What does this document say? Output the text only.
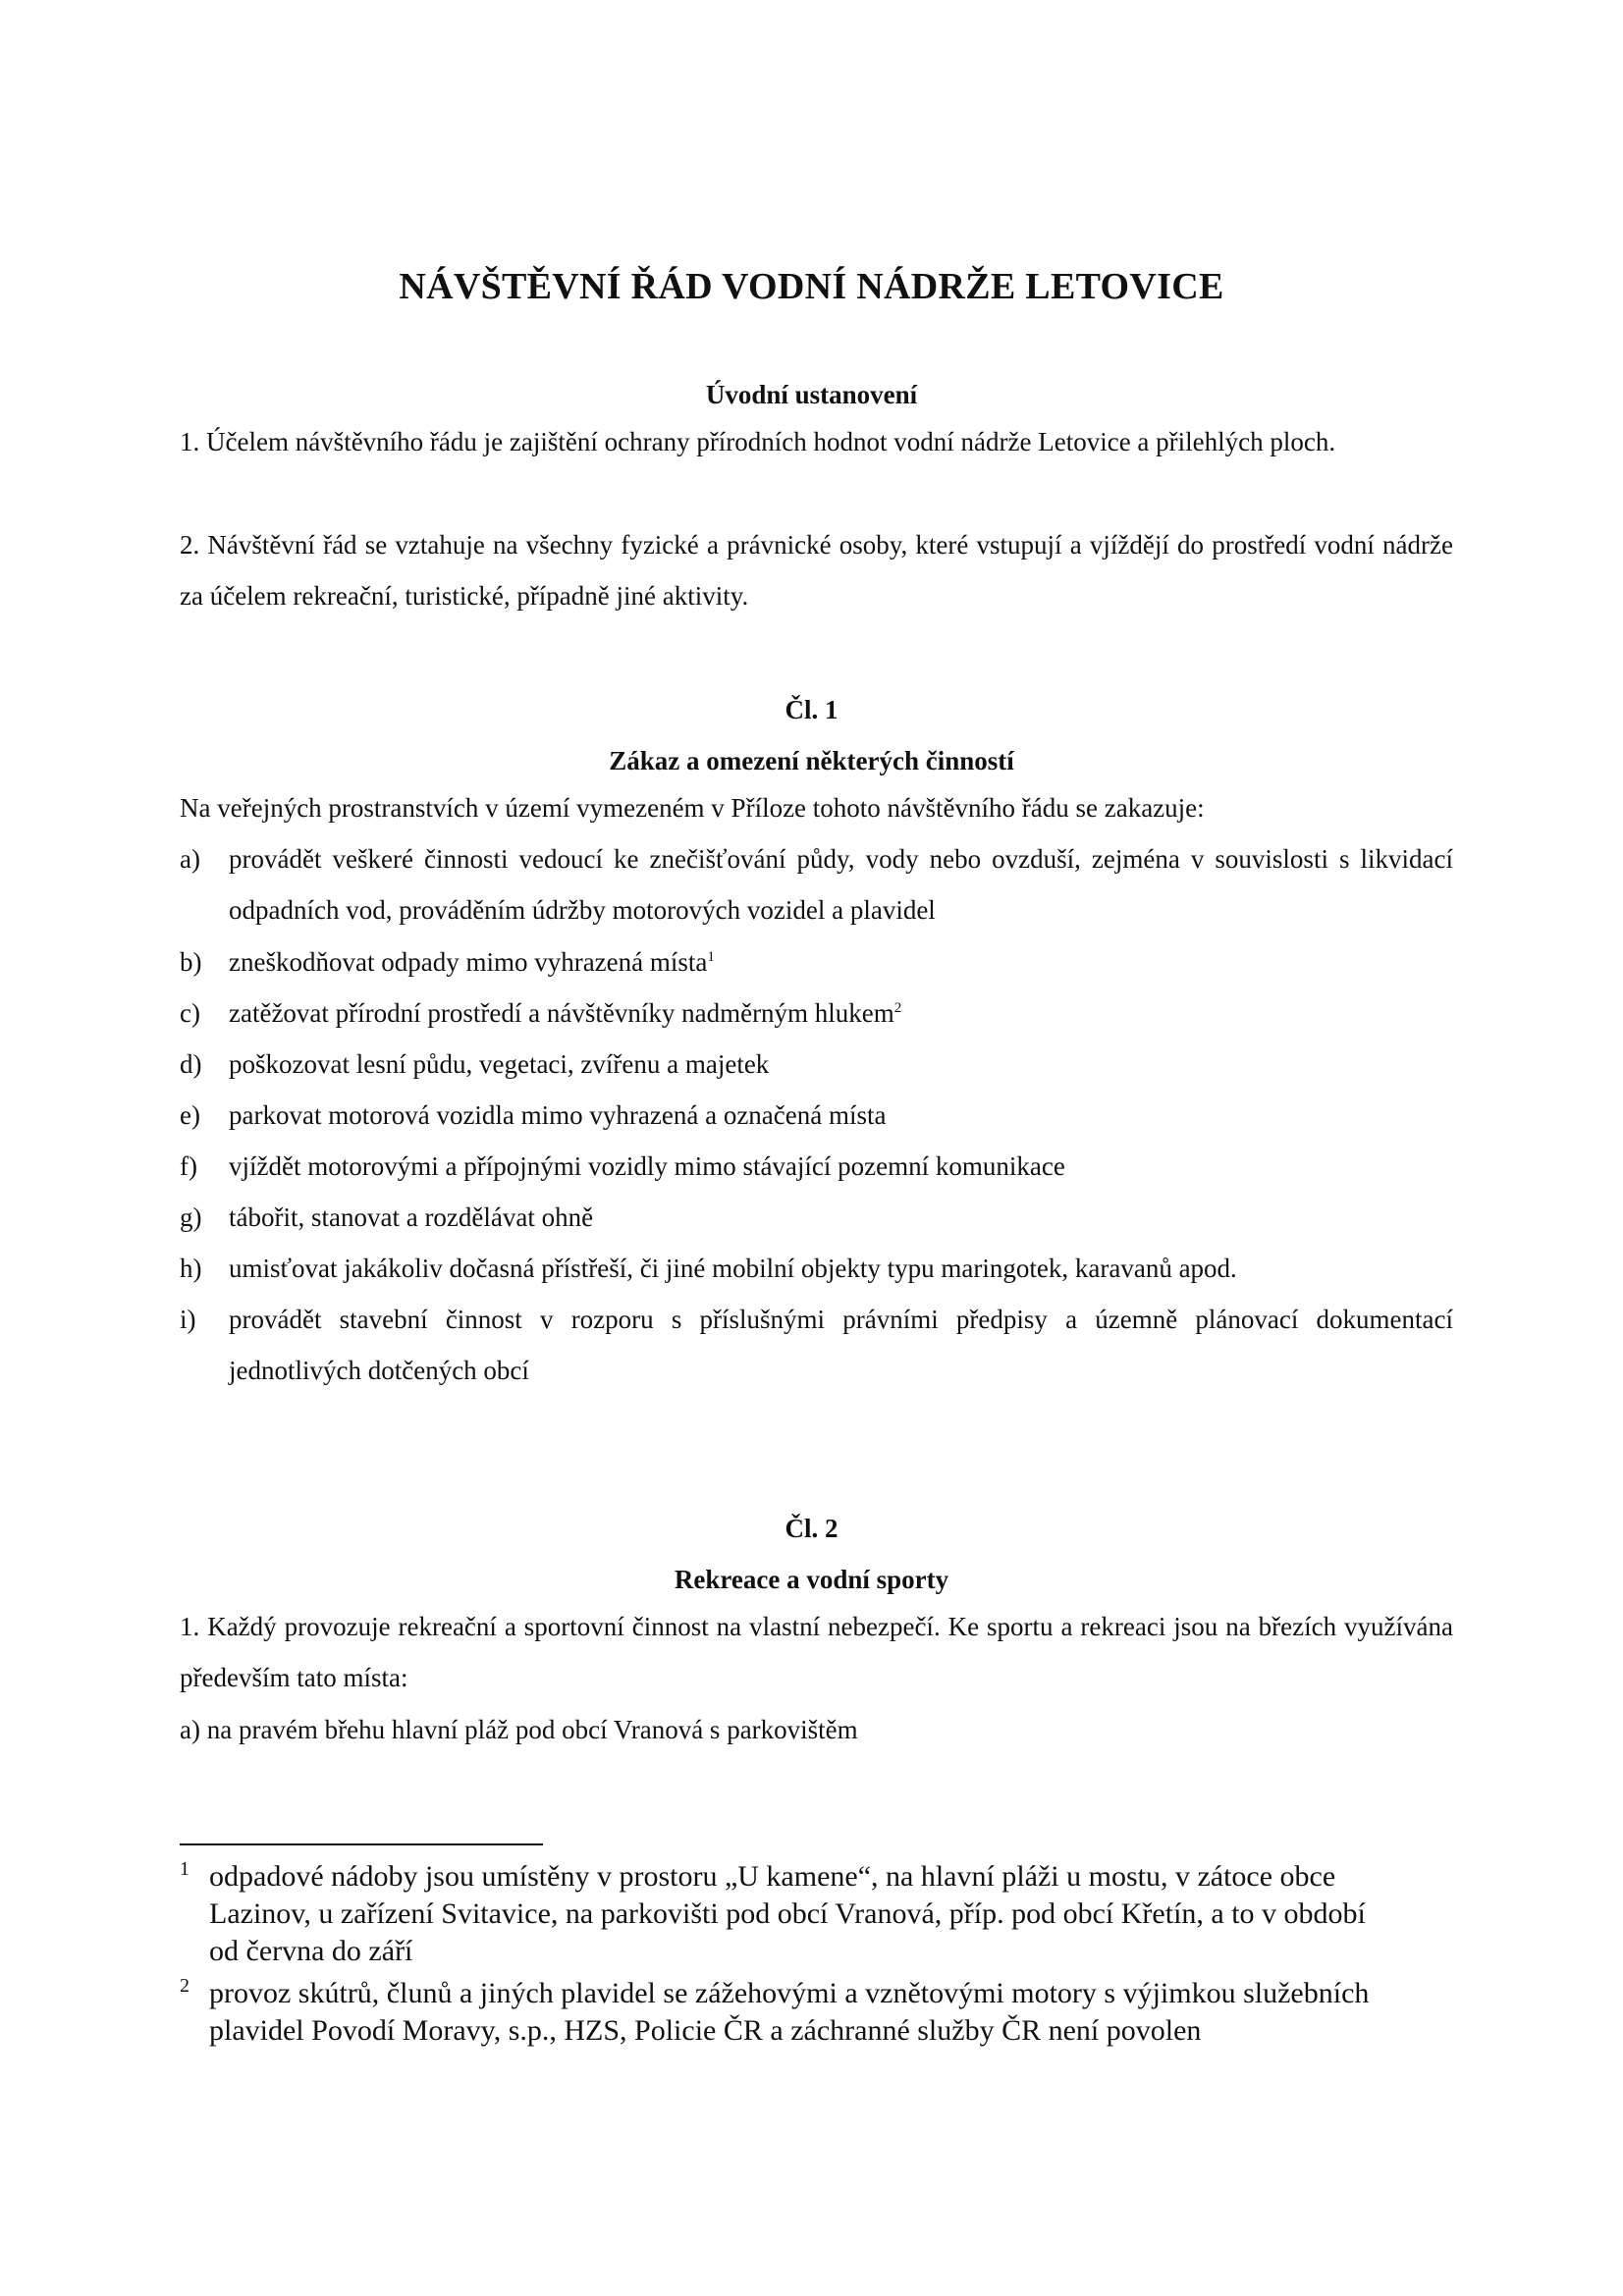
NÁVŠTĚVNÍ ŘÁD VODNÍ NÁDRŽE LETOVICE
Úvodní ustanovení

1. Účelem návštěvního řádu je zajištění ochrany přírodních hodnot vodní nádrže Letovice a přilehlých ploch.

2. Návštěvní řád se vztahuje na všechny fyzické a právnické osoby, které vstupují a vjíždějí do prostředí vodní nádrže za účelem rekreační, turistické, případně jiné aktivity.

Čl. 1
Zákaz a omezení některých činností

Na veřejných prostranstvích v území vymezeném v Příloze tohoto návštěvního řádu se zakazuje:

a)	provádět veškeré činnosti vedoucí ke znečišťování půdy, vody nebo ovzduší, zejména v souvislosti s likvidací odpadních vod, prováděním údržby motorových vozidel a plavidel
b)	zneškodňovat odpady mimo vyhrazená místa$^1$
c)	zatěžovat přírodní prostředí a návštěvníky nadměrným hlukem$^2$
d)	poškozovat lesní půdu, vegetaci, zvířenu a majetek
e)	parkovat motorová vozidla mimo vyhrazená a označená místa
f)	vjíždět motorovými a přípojnými vozidly mimo stávající pozemní komunikace
g)	tábořit, stanovat a rozdělávat ohně
h)	umisťovat jakákoliv dočasná přístřeší, či jiné mobilní objekty typu maringotek, karavanů apod.
i)	provádět stavební činnost v rozporu s příslušnými právními předpisy a územně plánovací dokumentací jednotlivých dotčených obcí
Čl. 2
Rekreace a vodní sporty

1. Každý provozuje rekreační a sportovní činnost na vlastní nebezpečí. Ke sportu a rekreaci jsou na březích využívána především tato místa:

a) na pravém břehu hlavní pláž pod obcí Vranová s parkovištěm

1 odpadové nádoby jsou umístěny v prostoru „U kamene“, na hlavní pláži u mostu, v zátoce obce Lazinov, u zařízení Svitavice, na parkovišti pod obcí Vranová, příp. pod obcí Křetín, a to v období od června do září
2 provoz skútrů, člunů a jiných plavidel se zážehovými a vznětovými motory s výjimkou služebních plavidel Povodí Moravy, s.p., HZS, Policie ČR a záchranné služby ČR není povolen
